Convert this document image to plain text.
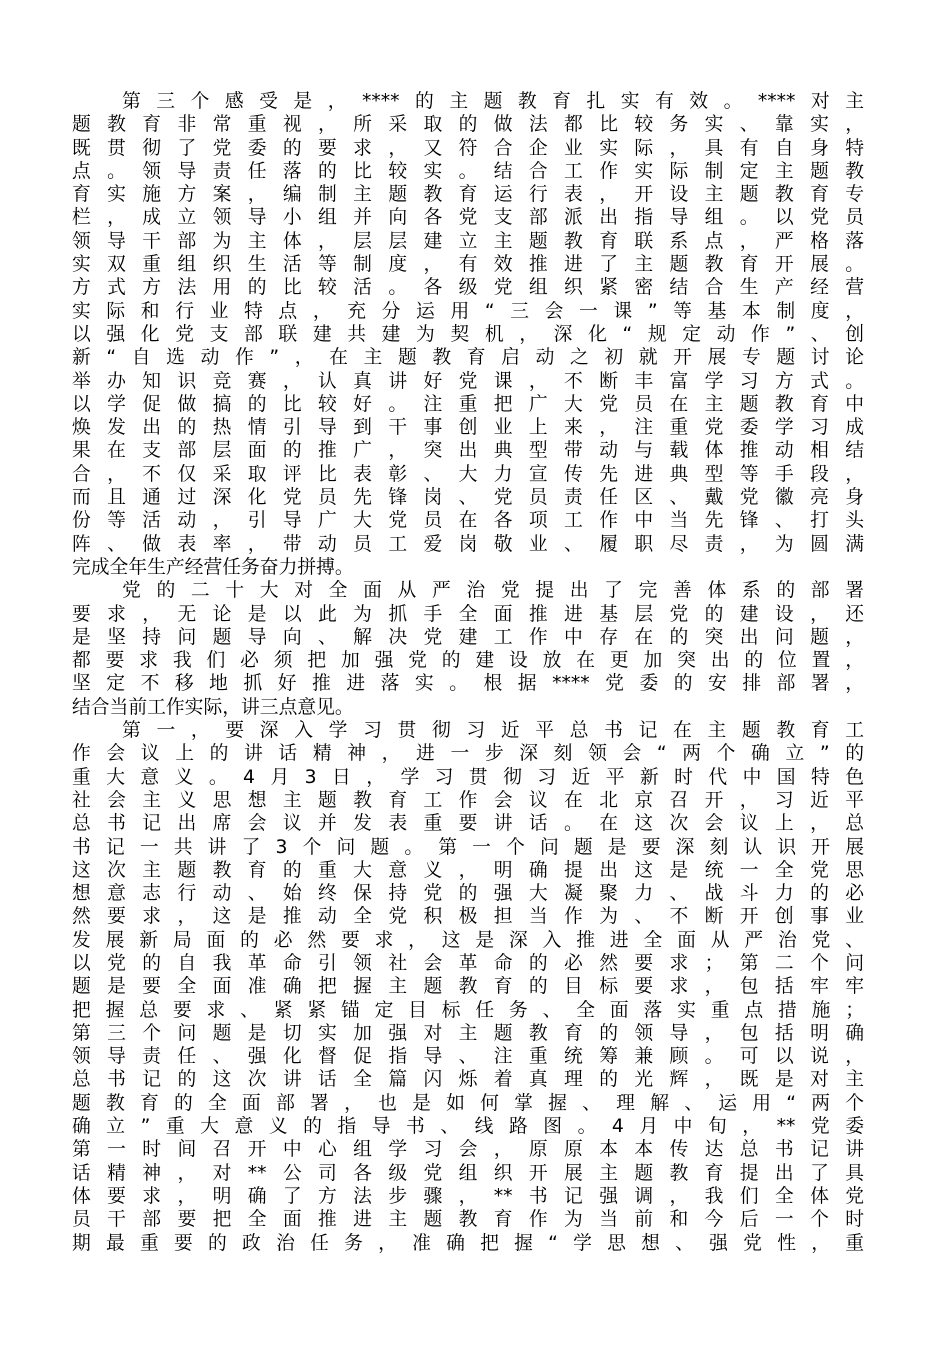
第三个感受是，****的主题教育扎实有效。****对主
题教育非常重视，所采取的做法都比较务实、靠实，
既贯彻了党委的要求，又符合企业实际，具有自身特
点。领导责任落的比较实。结合工作实际制定主题教
育实施方案，编制主题教育运行表，开设主题教育专
栏，成立领导小组并向各党支部派出指导组。以党员
领导干部为主体，层层建立主题教育联系点，严格落
实双重组织生活等制度，有效推进了主题教育开展。
方式方法用的比较活。各级党组织紧密结合生产经营
实际和行业特点，充分运用“三会一课”等基本制度，
以强化党支部联建共建为契机，深化“规定动作”、创
新“自选动作”，在主题教育启动之初就开展专题讨论
举办知识竞赛，认真讲好党课，不断丰富学习方式。
以学促做搞的比较好。注重把广大党员在主题教育中
焕发出的热情引导到干事创业上来，注重党委学习成
果在支部层面的推广，突出典型带动与载体推动相结
合，不仅采取评比表彰、大力宣传先进典型等手段，
而且通过深化党员先锋岗、党员责任区、戴党徽亮身
份等活动，引导广大党员在各项工作中当先锋、打头
阵、做表率，带动员工爱岗敬业、履职尽责，为圆满
完成全年生产经营任务奋力拼搏。
党的二十大对全面从严治党提出了完善体系的部署
要求，无论是以此为抓手全面推进基层党的建设，还
是坚持问题导向、解决党建工作中存在的突出问题，
都要求我们必须把加强党的建设放在更加突出的位置，
坚定不移地抓好推进落实。根据****党委的安排部署，
结合当前工作实际，讲三点意见。
第一，要深入学习贯彻习近平总书记在主题教育工
作会议上的讲话精神，进一步深刻领会“两个确立”的
重大意义。4月3日，学习贯彻习近平新时代中国特色
社会主义思想主题教育工作会议在北京召开，习近平
总书记出席会议并发表重要讲话。在这次会议上，总
书记一共讲了3个问题。第一个问题是要深刻认识开展
这次主题教育的重大意义，明确提出这是统一全党思
想意志行动、始终保持党的强大凝聚力、战斗力的必
然要求，这是推动全党积极担当作为、不断开创事业
发展新局面的必然要求，这是深入推进全面从严治党、
以党的自我革命引领社会革命的必然要求；第二个问
题是要全面准确把握主题教育的目标要求，包括牢牢
把握总要求、紧紧锚定目标任务、全面落实重点措施；
第三个问题是切实加强对主题教育的领导，包括明确
领导责任、强化督促指导、注重统筹兼顾。可以说，
总书记的这次讲话全篇闪烁着真理的光辉，既是对主
题教育的全面部署，也是如何掌握、理解、运用“两个
确立”重大意义的指导书、线路图。4月中旬，**党委
第一时间召开中心组学习会，原原本本传达总书记讲
话精神，对**公司各级党组织开展主题教育提出了具
体要求，明确了方法步骤，**书记强调，我们全体党
员干部要把全面推进主题教育作为当前和今后一个时
期最重要的政治任务，准确把握“学思想、强党性，重
